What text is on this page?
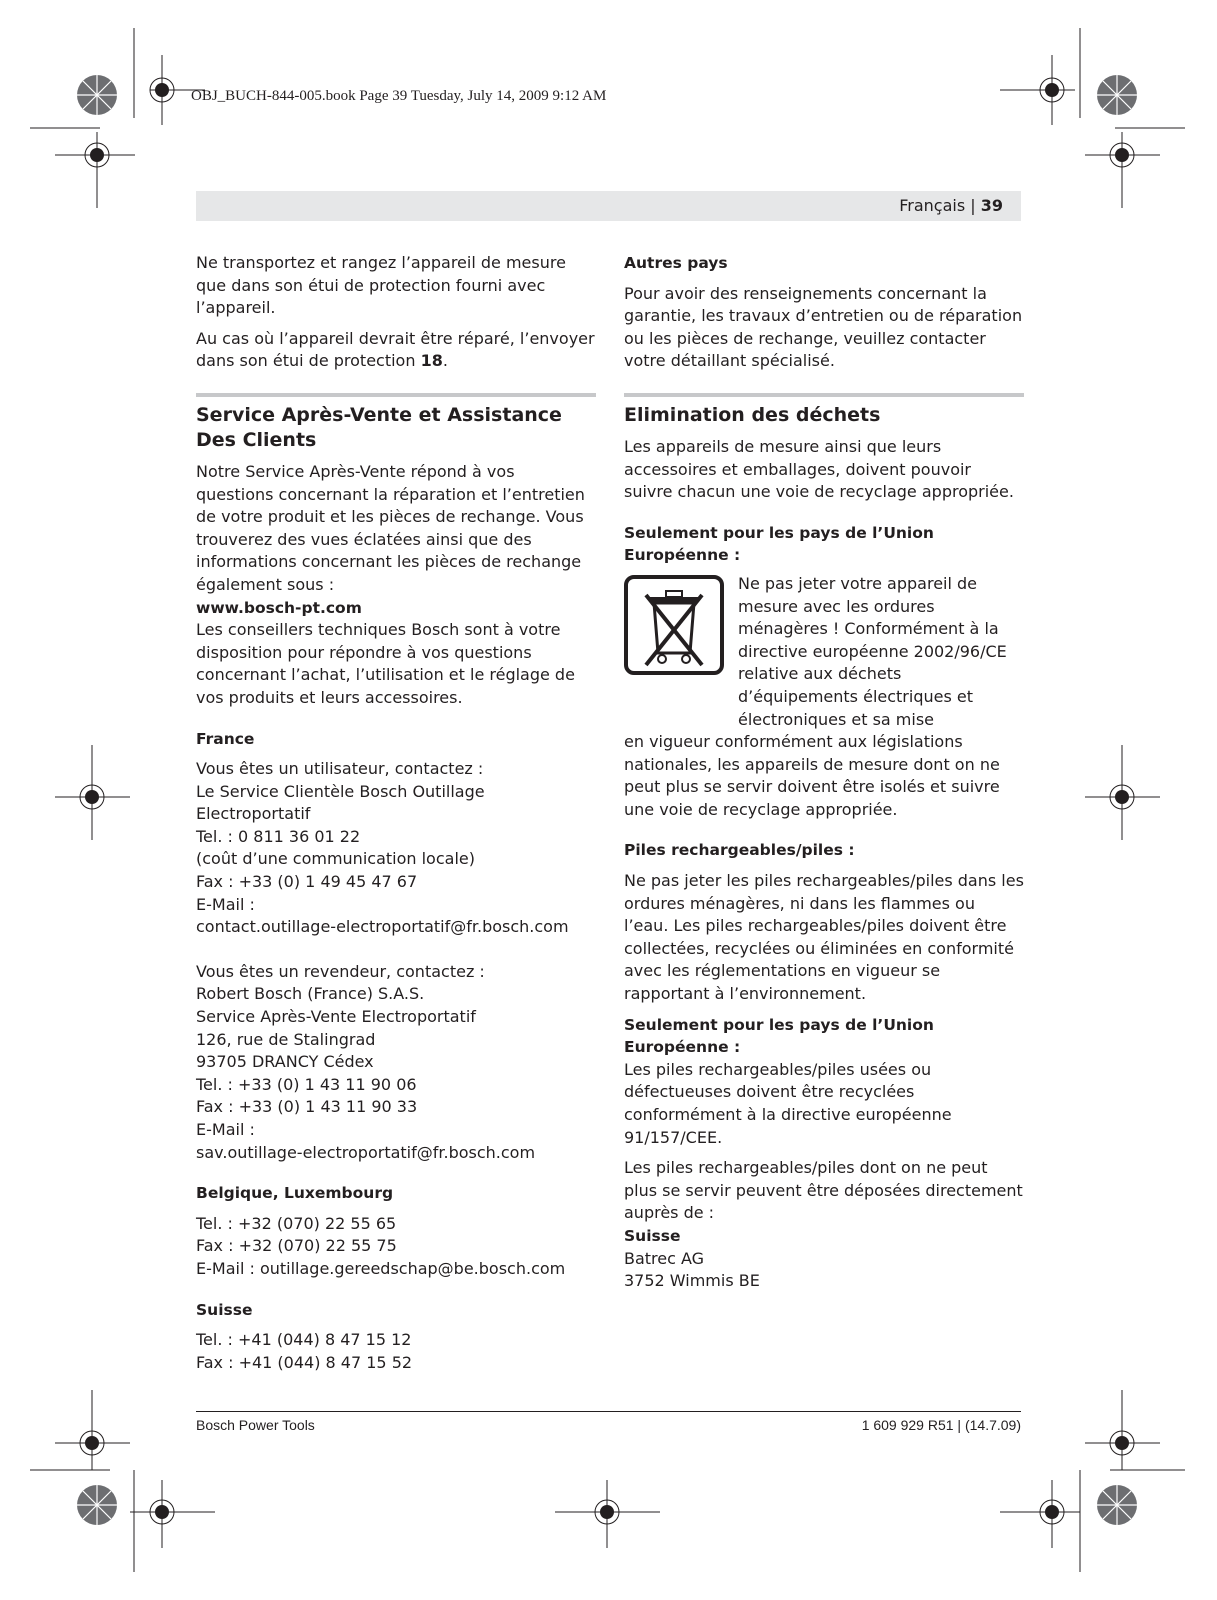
OBJ_BUCH-844-005.book Page 39 Tuesday, July 14, 2009 9:12 AM
Français | 39

Ne transportez et rangez l’appareil de mesure que dans son étui de protection fourni avec l’appareil.

Au cas où l’appareil devrait être réparé, l’envoyer dans son étui de protection 18.

Service Après-Vente et Assistance Des Clients

Notre Service Après-Vente répond à vos questions concernant la réparation et l’entretien de votre produit et les pièces de rechange. Vous trouverez des vues éclatées ainsi que des informations concernant les pièces de rechange également sous :

www.bosch-pt.com

Les conseillers techniques Bosch sont à votre disposition pour répondre à vos questions concernant l’achat, l’utilisation et le réglage de vos produits et leurs accessoires.

France

Vous êtes un utilisateur, contactez :

Le Service Clientèle Bosch Outillage Electroportatif

Tel. : 0 811 36 01 22

(coût d’une communication locale)

Fax : +33 (0) 1 49 45 47 67

E-Mail :

contact.outillage-electroportatif@fr.bosch.com

Vous êtes un revendeur, contactez :

Robert Bosch (France) S.A.S.

Service Après-Vente Electroportatif

126, rue de Stalingrad

93705 DRANCY Cédex

Tel. : +33 (0) 1 43 11 90 06

Fax : +33 (0) 1 43 11 90 33

E-Mail :

sav.outillage-electroportatif@fr.bosch.com

Belgique, Luxembourg

Tel. : +32 (070) 22 55 65

Fax : +32 (070) 22 55 75

E-Mail : outillage.gereedschap@be.bosch.com

Suisse

Tel. : +41 (044) 8 47 15 12

Fax : +41 (044) 8 47 15 52

Autres pays

Pour avoir des renseignements concernant la garantie, les travaux d’entretien ou de réparation ou les pièces de rechange, veuillez contacter votre détaillant spécialisé.

Elimination des déchets

Les appareils de mesure ainsi que leurs accessoires et emballages, doivent pouvoir suivre chacun une voie de recyclage appropriée.

Seulement pour les pays de l’Union Européenne :

Ne pas jeter votre appareil de mesure avec les ordures ménagères ! Conformément à la directive européenne 2002/96/CE relative aux déchets d’équipements électriques et électroniques et sa mise

en vigueur conformément aux législations nationales, les appareils de mesure dont on ne peut plus se servir doivent être isolés et suivre une voie de recyclage appropriée.

Piles rechargeables/piles :

Ne pas jeter les piles rechargeables/piles dans les ordures ménagères, ni dans les flammes ou l’eau. Les piles rechargeables/piles doivent être collectées, recyclées ou éliminées en conformité avec les réglementations en vigueur se rapportant à l’environnement.

Seulement pour les pays de l’Union Européenne :

Les piles rechargeables/piles usées ou défectueuses doivent être recyclées conformément à la directive européenne 91/157/CEE.

Les piles rechargeables/piles dont on ne peut plus se servir peuvent être déposées directement auprès de :

Suisse

Batrec AG

3752 Wimmis BE

Bosch Power Tools	1 609 929 R51 | (14.7.09)
